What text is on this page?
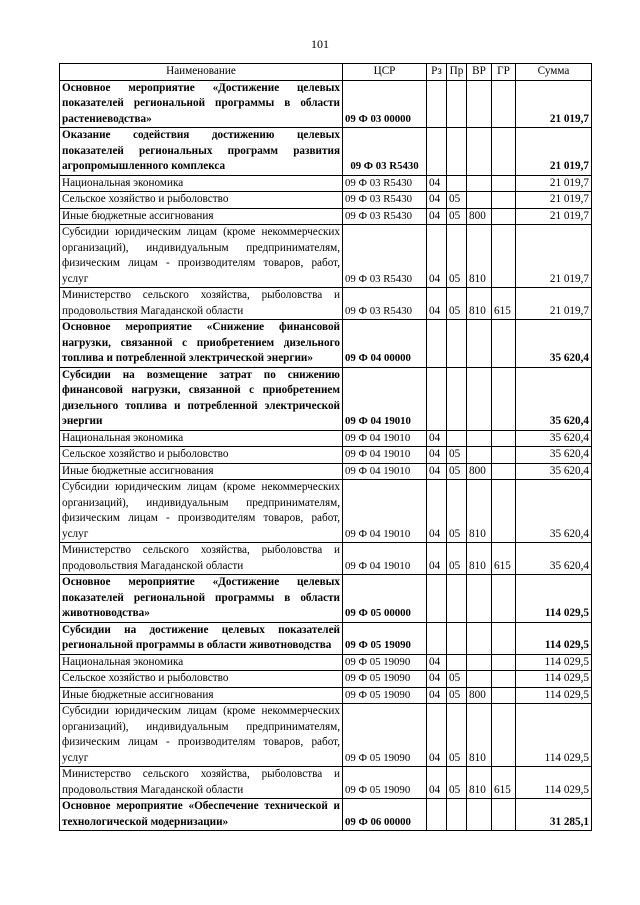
101
Наименование	ЦСР	Рз	Пр	ВР	ГР	Сумма
Основное мероприятие «Достижение целевых показателей региональной программы в области растениеводства»	09 Ф 03 00000					21 019,7
Оказание содействия достижению целевых показателей региональных программ развития агропромышленного комплекса	09 Ф 03 R5430					21 019,7
Национальная экономика	09 Ф 03 R5430	04				21 019,7
Сельское хозяйство и рыболовство	09 Ф 03 R5430	04	05			21 019,7
Иные бюджетные ассигнования	09 Ф 03 R5430	04	05	800		21 019,7
Субсидии юридическим лицам (кроме некоммерческих организаций), индивидуальным предпринимателям, физическим лицам - производителям товаров, работ, услуг	09 Ф 03 R5430	04	05	810		21 019,7
Министерство сельского хозяйства, рыболовства и продовольствия Магаданской области	09 Ф 03 R5430	04	05	810	615	21 019,7
Основное мероприятие «Снижение финансовой нагрузки, связанной с приобретением дизельного топлива и потребленной электрической энергии»	09 Ф 04 00000					35 620,4
Субсидии на возмещение затрат по снижению финансовой нагрузки, связанной с приобретением дизельного топлива и потребленной электрической энергии	09 Ф 04 19010					35 620,4
Национальная экономика	09 Ф 04 19010	04				35 620,4
Сельское хозяйство и рыболовство	09 Ф 04 19010	04	05			35 620,4
Иные бюджетные ассигнования	09 Ф 04 19010	04	05	800		35 620,4
Субсидии юридическим лицам (кроме некоммерческих организаций), индивидуальным предпринимателям, физическим лицам - производителям товаров, работ, услуг	09 Ф 04 19010	04	05	810		35 620,4
Министерство сельского хозяйства, рыболовства и продовольствия Магаданской области	09 Ф 04 19010	04	05	810	615	35 620,4
Основное мероприятие «Достижение целевых показателей региональной программы в области животноводства»	09 Ф 05 00000					114 029,5
Субсидии на достижение целевых показателей региональной программы в области животноводства	09 Ф 05 19090					114 029,5
Национальная экономика	09 Ф 05 19090	04				114 029,5
Сельское хозяйство и рыболовство	09 Ф 05 19090	04	05			114 029,5
Иные бюджетные ассигнования	09 Ф 05 19090	04	05	800		114 029,5
Субсидии юридическим лицам (кроме некоммерческих организаций), индивидуальным предпринимателям, физическим лицам - производителям товаров, работ, услуг	09 Ф 05 19090	04	05	810		114 029,5
Министерство сельского хозяйства, рыболовства и продовольствия Магаданской области	09 Ф 05 19090	04	05	810	615	114 029,5
Основное мероприятие «Обеспечение технической и технологической модернизации»	09 Ф 06 00000					31 285,1
